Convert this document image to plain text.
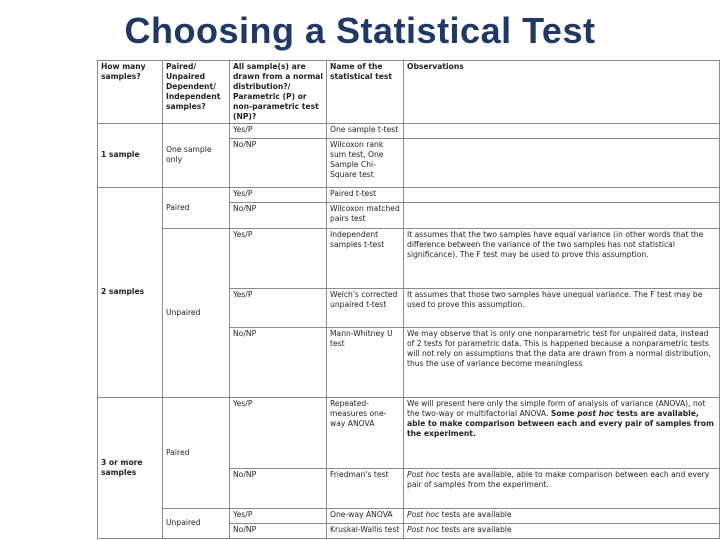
Choosing a Statistical Test
How many samples?	Paired/ Unpaired Dependent/ Independent samples?	All sample(s) are drawn from a normal distribution?/ Parametric (P) or non-parametric test (NP)?	Name of the statistical test	Observations
1 sample	One sample only	Yes/P	One sample t-test	
		No/NP	Wilcoxon rank sum test, One Sample Chi-Square test	
2 samples	Paired	Yes/P	Paired t-test	
		No/NP	Wilcoxon matched pairs test	
	Unpaired	Yes/P	Independent samples t-test	It assumes that the two samples have equal variance (in other words that the difference between the variance of the two samples has not statistical significance). The F test may be used to prove this assumption.
		Yes/P	Welch's corrected unpaired t-test	It assumes that those two samples have unequal variance. The F test may be used to prove this assumption.
		No/NP	Mann-Whitney U test	We may observe that is only one nonparametric test for unpaired data, instead of 2 tests for parametric data. This is happened because a nonparametric tests will not rely on assumptions that the data are drawn from a normal distribution, thus the use of variance become meaningless
3 or more samples	Paired	Yes/P	Repeated-measures one-way ANOVA	We will present here only the simple form of analysis of variance (ANOVA), not the two-way or multifactorial ANOVA. Some post hoc tests are available, able to make comparison between each and every pair of samples from the experiment.
		No/NP	Friedman's test	Post hoc tests are available, able to make comparison between each and every pair of samples from the experiment.
	Unpaired	Yes/P	One-way ANOVA	Post hoc tests are available
		No/NP	Kruskal-Wallis test	Post hoc tests are available
